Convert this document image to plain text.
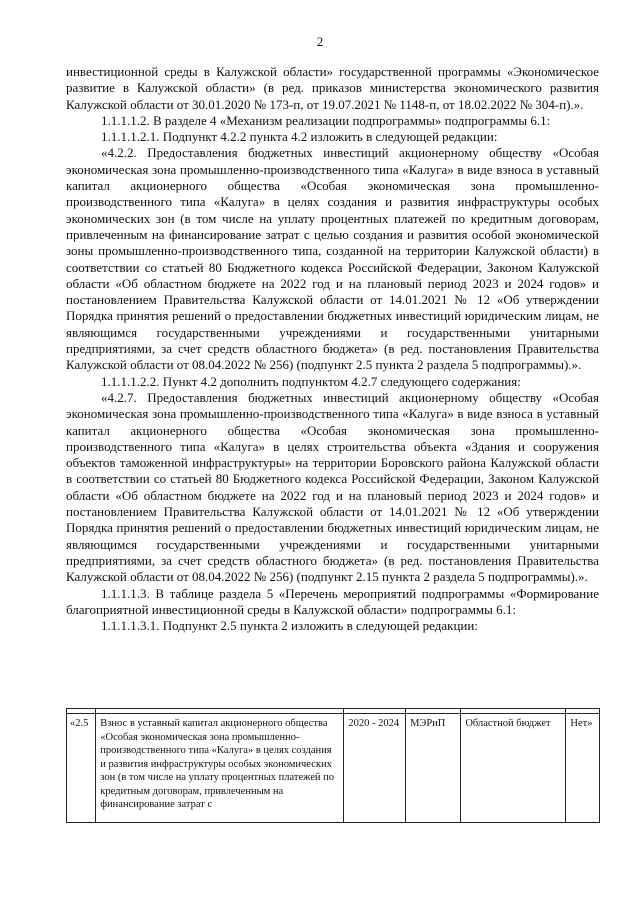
2

инвестиционной среды в Калужской области» государственной программы «Экономическое развитие в Калужской области» (в ред. приказов министерства экономического развития Калужской области от 30.01.2020 № 173-п, от 19.07.2021 № 1148-п, от 18.02.2022 № 304-п).».

1.1.1.1.2. В разделе 4 «Механизм реализации подпрограммы» подпрограммы 6.1:

1.1.1.1.2.1. Подпункт 4.2.2 пункта 4.2 изложить в следующей редакции:

«4.2.2. Предоставления бюджетных инвестиций акционерному обществу «Особая экономическая зона промышленно-производственного типа «Калуга» в виде взноса в уставный капитал акционерного общества «Особая экономическая зона промышленно-производственного типа «Калуга» в целях создания и развития инфраструктуры особых экономических зон (в том числе на уплату процентных платежей по кредитным договорам, привлеченным на финансирование затрат с целью создания и развития особой экономической зоны промышленно-производственного типа, созданной на территории Калужской области) в соответствии со статьей 80 Бюджетного кодекса Российской Федерации, Законом Калужской области «Об областном бюджете на 2022 год и на плановый период 2023 и 2024 годов» и постановлением Правительства Калужской области от 14.01.2021 № 12 «Об утверждении Порядка принятия решений о предоставлении бюджетных инвестиций юридическим лицам, не являющимся государственными учреждениями и государственными унитарными предприятиями, за счет средств областного бюджета» (в ред. постановления Правительства Калужской области от 08.04.2022 № 256) (подпункт 2.5 пункта 2 раздела 5 подпрограммы).».

1.1.1.1.2.2. Пункт 4.2 дополнить подпунктом 4.2.7 следующего содержания:

«4.2.7. Предоставления бюджетных инвестиций акционерному обществу «Особая экономическая зона промышленно-производственного типа «Калуга» в виде взноса в уставный капитал акционерного общества «Особая экономическая зона промышленно-производственного типа «Калуга» в целях строительства объекта «Здания и сооружения объектов таможенной инфраструктуры» на территории Боровского района Калужской области в соответствии со статьей 80 Бюджетного кодекса Российской Федерации, Законом Калужской области «Об областном бюджете на 2022 год и на плановый период 2023 и 2024 годов» и постановлением Правительства Калужской области от 14.01.2021 № 12 «Об утверждении Порядка принятия решений о предоставлении бюджетных инвестиций юридическим лицам, не являющимся государственными учреждениями и государственными унитарными предприятиями, за счет средств областного бюджета» (в ред. постановления Правительства Калужской области от 08.04.2022 № 256) (подпункт 2.15 пункта 2 раздела 5 подпрограммы).».

1.1.1.1.3. В таблице раздела 5 «Перечень мероприятий подпрограммы «Формирование благоприятной инвестиционной среды в Калужской области» подпрограммы 6.1:

1.1.1.1.3.1. Подпункт 2.5 пункта 2 изложить в следующей редакции:

«2.5	Взнос в уставный капитал акционерного общества «Особая экономическая зона промышленно-производственного типа «Калуга» в целях создания и развития инфраструктуры особых экономических зон (в том числе на уплату процентных платежей по кредитным договорам, привлеченным на финансирование затрат с	2020 - 2024	МЭРиП	Областной бюджет	Нет»
